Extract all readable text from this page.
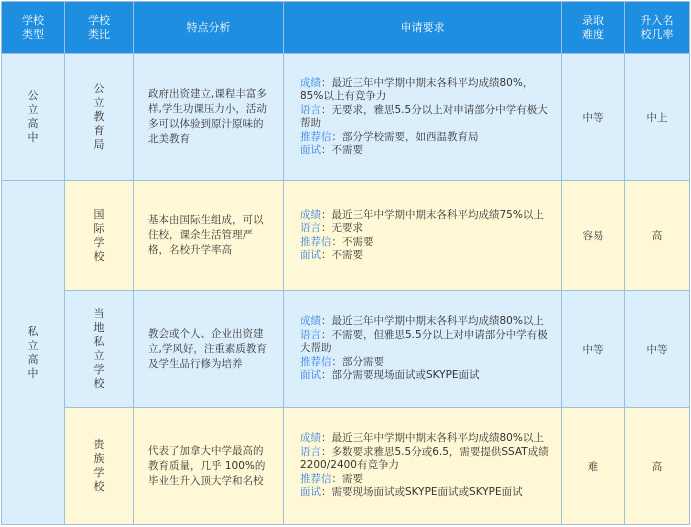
学校类型	学校类比	特点分析	申请要求	录取难度	升入名校几率
公立高中	公立教育局	政府出资建立,课程丰富多样,学生功课压力小，活动多可以体验到原汁原味的北美教育	成绩：最近三年中学期中期末各科平均成绩80%，85%以上有竞争力
语言：无要求，雅思5.5分以上对申请部分中学有极大帮助
推荐信：部分学校需要，如西温教育局
面试：不需要	中等	中上
私立高中	国际学校	基本由国际生组成，可以住校，课余生活管理严格，名校升学率高	成绩：最近三年中学期中期末各科平均成绩75%以上
语言：无要求
推荐信：不需要
面试：不需要	容易	高
	当地私立学校	教会或个人、企业出资建立,学风好，注重素质教育及学生品行修为培养	成绩：最近三年中学期中期末各科平均成绩80%以上
语言：不需要，但雅思5.5分以上对申请部分中学有极大帮助
推荐信：部分需要
面试：部分需要现场面试或SKYPE面试	中等	中等
	贵族学校	代表了加拿大中学最高的教育质量，几乎 100%的毕业生升入顶大学和名校	成绩：最近三年中学期中期末各科平均成绩80%以上
语言：多数要求雅思5.5分或6.5，需要提供SSAT成绩2200/2400有竞争力
推荐信：需要
面试：需要现场面试或SKYPE面试或SKYPE面试	难	高
